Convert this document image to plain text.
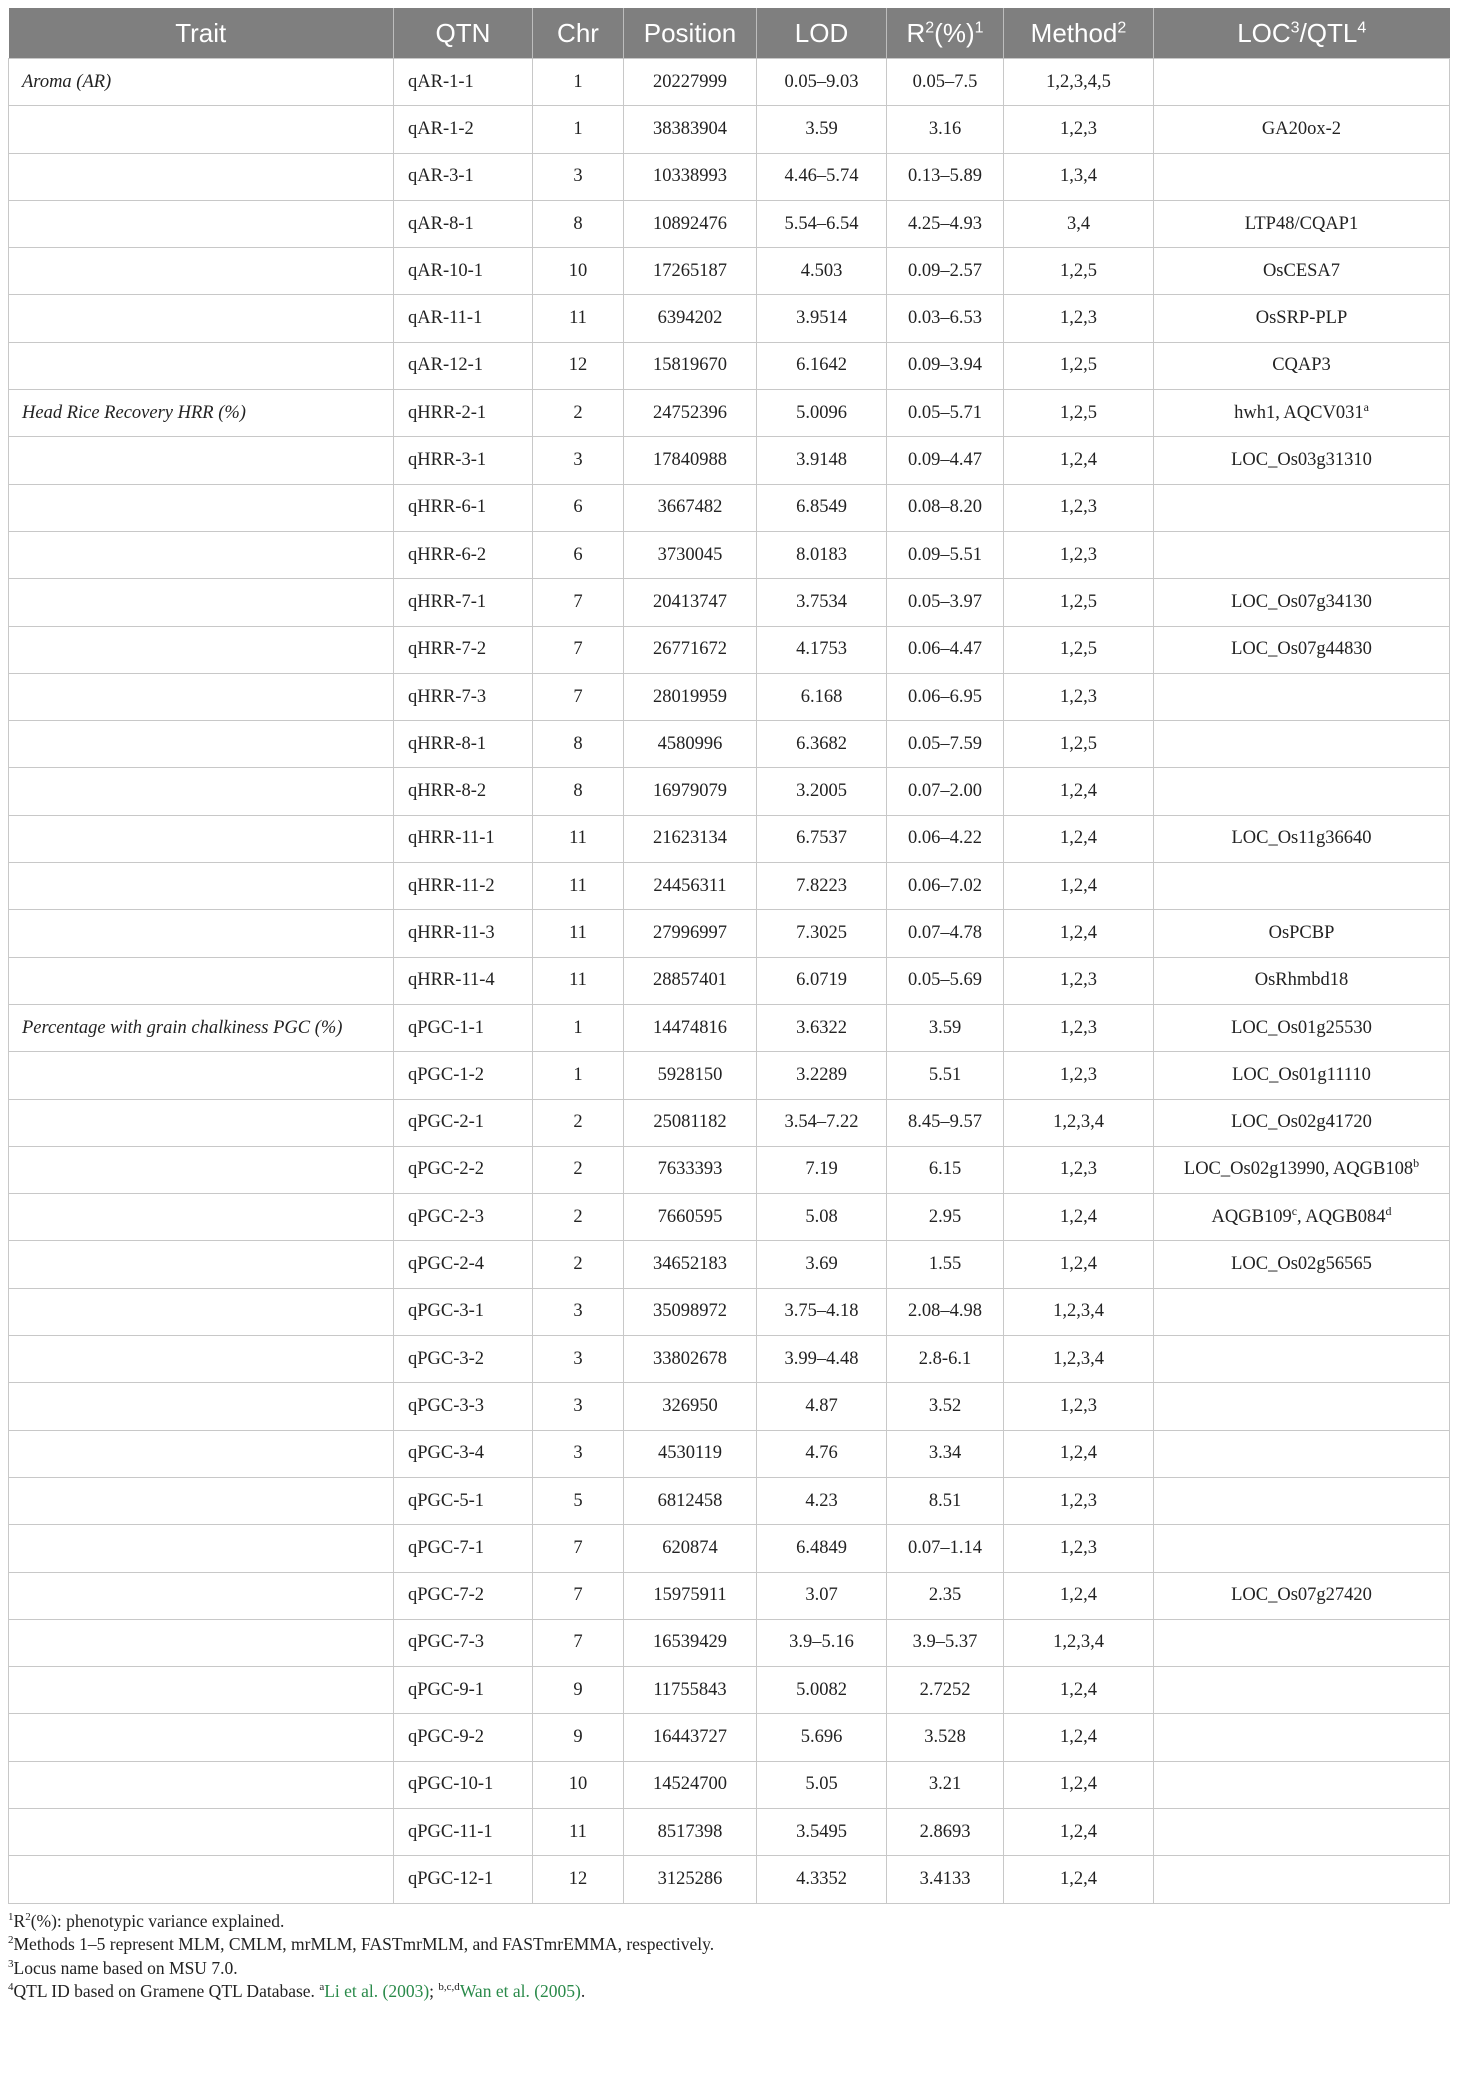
Trait	QTN	Chr	Position	LOD	$R^2(\%)^1$	Method$^2$	LOC$^3$/QTL$^4$
Aroma (AR)	qAR-1-1	1	20227999	0.05–9.03	0.05–7.5	1,2,3,4,5	
	qAR-1-2	1	38383904	3.59	3.16	1,2,3	GA20ox-2
	qAR-3-1	3	10338993	4.46–5.74	0.13–5.89	1,3,4	
	qAR-8-1	8	10892476	5.54–6.54	4.25–4.93	3,4	LTP48/CQAP1
	qAR-10-1	10	17265187	4.503	0.09–2.57	1,2,5	OsCESA7
	qAR-11-1	11	6394202	3.9514	0.03–6.53	1,2,3	OsSRP-PLP
	qAR-12-1	12	15819670	6.1642	0.09–3.94	1,2,5	CQAP3
Head Rice Recovery HRR (%)	qHRR-2-1	2	24752396	5.0096	0.05–5.71	1,2,5	hwh1, AQCV031$^a$
	qHRR-3-1	3	17840988	3.9148	0.09–4.47	1,2,4	LOC_Os03g31310
	qHRR-6-1	6	3667482	6.8549	0.08–8.20	1,2,3	
	qHRR-6-2	6	3730045	8.0183	0.09–5.51	1,2,3	
	qHRR-7-1	7	20413747	3.7534	0.05–3.97	1,2,5	LOC_Os07g34130
	qHRR-7-2	7	26771672	4.1753	0.06–4.47	1,2,5	LOC_Os07g44830
	qHRR-7-3	7	28019959	6.168	0.06–6.95	1,2,3	
	qHRR-8-1	8	4580996	6.3682	0.05–7.59	1,2,5	
	qHRR-8-2	8	16979079	3.2005	0.07–2.00	1,2,4	
	qHRR-11-1	11	21623134	6.7537	0.06–4.22	1,2,4	LOC_Os11g36640
	qHRR-11-2	11	24456311	7.8223	0.06–7.02	1,2,4	
	qHRR-11-3	11	27996997	7.3025	0.07–4.78	1,2,4	OsPCBP
	qHRR-11-4	11	28857401	6.0719	0.05–5.69	1,2,3	OsRhmbd18
Percentage with grain chalkiness PGC (%)	qPGC-1-1	1	14474816	3.6322	3.59	1,2,3	LOC_Os01g25530
	qPGC-1-2	1	5928150	3.2289	5.51	1,2,3	LOC_Os01g11110
	qPGC-2-1	2	25081182	3.54–7.22	8.45–9.57	1,2,3,4	LOC_Os02g41720
	qPGC-2-2	2	7633393	7.19	6.15	1,2,3	LOC_Os02g13990, AQGB108$^b$
	qPGC-2-3	2	7660595	5.08	2.95	1,2,4	AQGB109$^c$, AQGB084$^d$
	qPGC-2-4	2	34652183	3.69	1.55	1,2,4	LOC_Os02g56565
	qPGC-3-1	3	35098972	3.75–4.18	2.08–4.98	1,2,3,4	
	qPGC-3-2	3	33802678	3.99–4.48	2.8-6.1	1,2,3,4	
	qPGC-3-3	3	326950	4.87	3.52	1,2,3	
	qPGC-3-4	3	4530119	4.76	3.34	1,2,4	
	qPGC-5-1	5	6812458	4.23	8.51	1,2,3	
	qPGC-7-1	7	620874	6.4849	0.07–1.14	1,2,3	
	qPGC-7-2	7	15975911	3.07	2.35	1,2,4	LOC_Os07g27420
	qPGC-7-3	7	16539429	3.9–5.16	3.9–5.37	1,2,3,4	
	qPGC-9-1	9	11755843	5.0082	2.7252	1,2,4	
	qPGC-9-2	9	16443727	5.696	3.528	1,2,4	
	qPGC-10-1	10	14524700	5.05	3.21	1,2,4	
	qPGC-11-1	11	8517398	3.5495	2.8693	1,2,4	
	qPGC-12-1	12	3125286	4.3352	3.4133	1,2,4	

$^1R^2(\%)$: phenotypic variance explained.

$^2$Methods 1–5 represent MLM, CMLM, mrMLM, FASTmrMLM, and FASTmrEMMA, respectively.

$^3$Locus name based on MSU 7.0.

$^4$QTL ID based on Gramene QTL Database. $^a$Li et al. (2003); $^{b,c,d}$Wan et al. (2005).
